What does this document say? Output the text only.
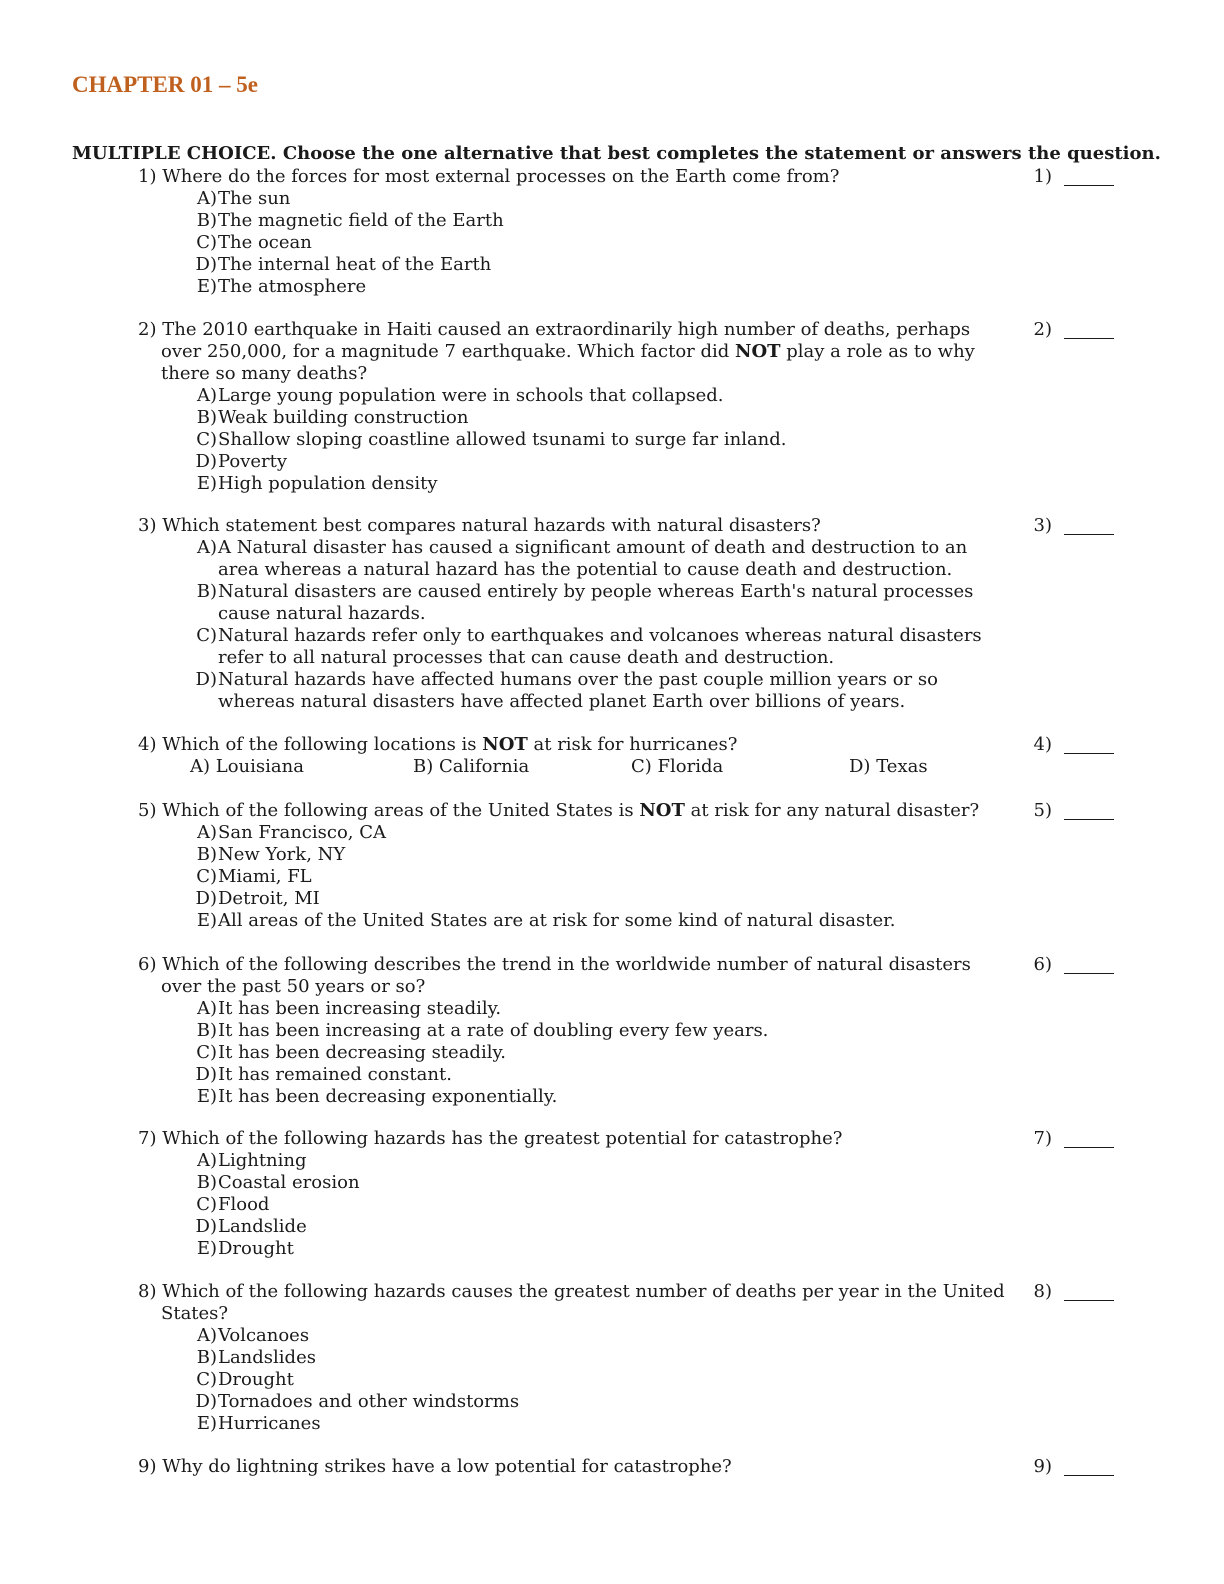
CHAPTER 01 – 5e
MULTIPLE CHOICE. Choose the one alternative that best completes the statement or answers the question.
1) Where do the forces for most external processes on the Earth come from?	1)
A)The sun
B)The magnetic field of the Earth
C)The ocean
D)The internal heat of the Earth
E)The atmosphere
2) The 2010 earthquake in Haiti caused an extraordinarily high number of deaths, perhaps over 250,000, for a magnitude 7 earthquake. Which factor did NOT play a role as to why there so many deaths?
2)
A)Large young population were in schools that collapsed.
B)Weak building construction
C)Shallow sloping coastline allowed tsunami to surge far inland.
D)Poverty
E)High population density
3) Which statement best compares natural hazards with natural disasters?	3)
A)A Natural disaster has caused a significant amount of death and destruction to an area whereas a natural hazard has the potential to cause death and destruction.
B)Natural disasters are caused entirely by people whereas Earth's natural processes cause natural hazards.
C)Natural hazards refer only to earthquakes and volcanoes whereas natural disasters refer to all natural processes that can cause death and destruction.
D)Natural hazards have affected humans over the past couple million years or so whereas natural disasters have affected planet Earth over billions of years.
4) Which of the following locations is NOT at risk for hurricanes?	4)
A) Louisiana	B) California	C) Florida	D) Texas
5) Which of the following areas of the United States is NOT at risk for any natural disaster?	5)
A)San Francisco, CA
B)New York, NY
C)Miami, FL
D)Detroit, MI
E)All areas of the United States are at risk for some kind of natural disaster.
6) Which of the following describes the trend in the worldwide number of natural disasters over the past 50 years or so?
6)
A)It has been increasing steadily.
B)It has been increasing at a rate of doubling every few years.
C)It has been decreasing steadily.
D)It has remained constant.
E)It has been decreasing exponentially.
7) Which of the following hazards has the greatest potential for catastrophe?	7)
A)Lightning
B)Coastal erosion
C)Flood
D)Landslide
E)Drought
8) Which of the following hazards causes the greatest number of deaths per year in the United States?
8)
A)Volcanoes
B)Landslides
C)Drought
D)Tornadoes and other windstorms
E)Hurricanes
9) Why do lightning strikes have a low potential for catastrophe?	9)
